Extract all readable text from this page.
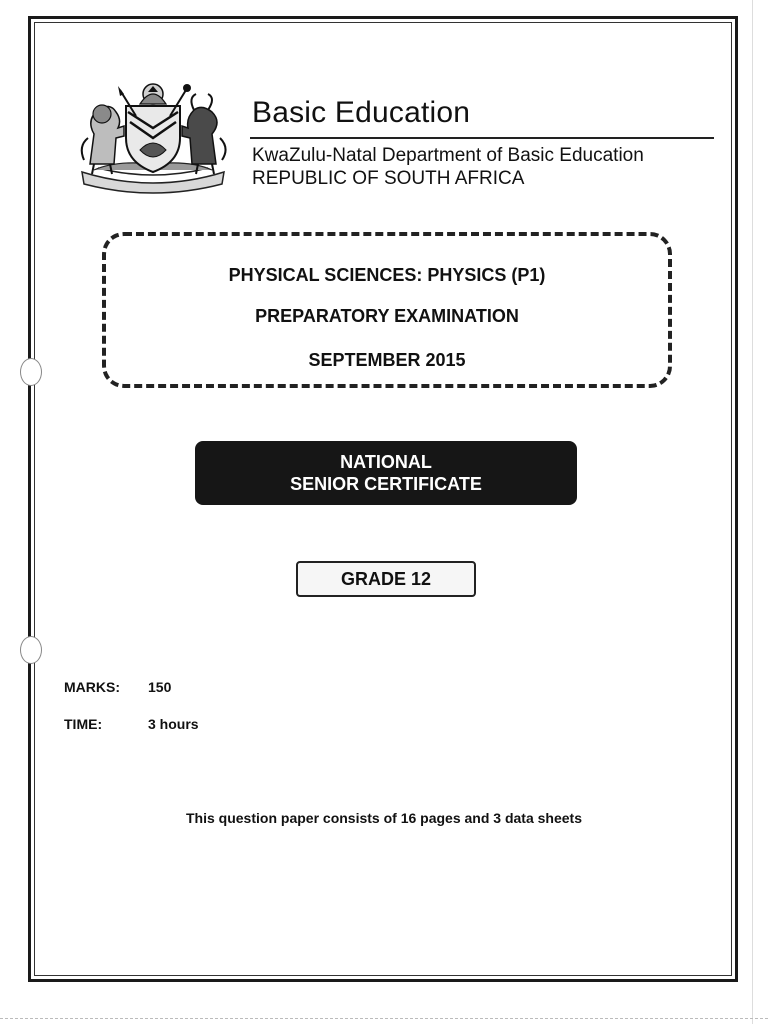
Basic Education
KwaZulu-Natal Department of Basic Education
REPUBLIC OF SOUTH AFRICA
PHYSICAL SCIENCES: PHYSICS (P1)
PREPARATORY EXAMINATION
SEPTEMBER 2015
NATIONAL
SENIOR CERTIFICATE
GRADE 12
MARKS: 150
TIME:	3 hours
This question paper consists of 16 pages and 3 data sheets
